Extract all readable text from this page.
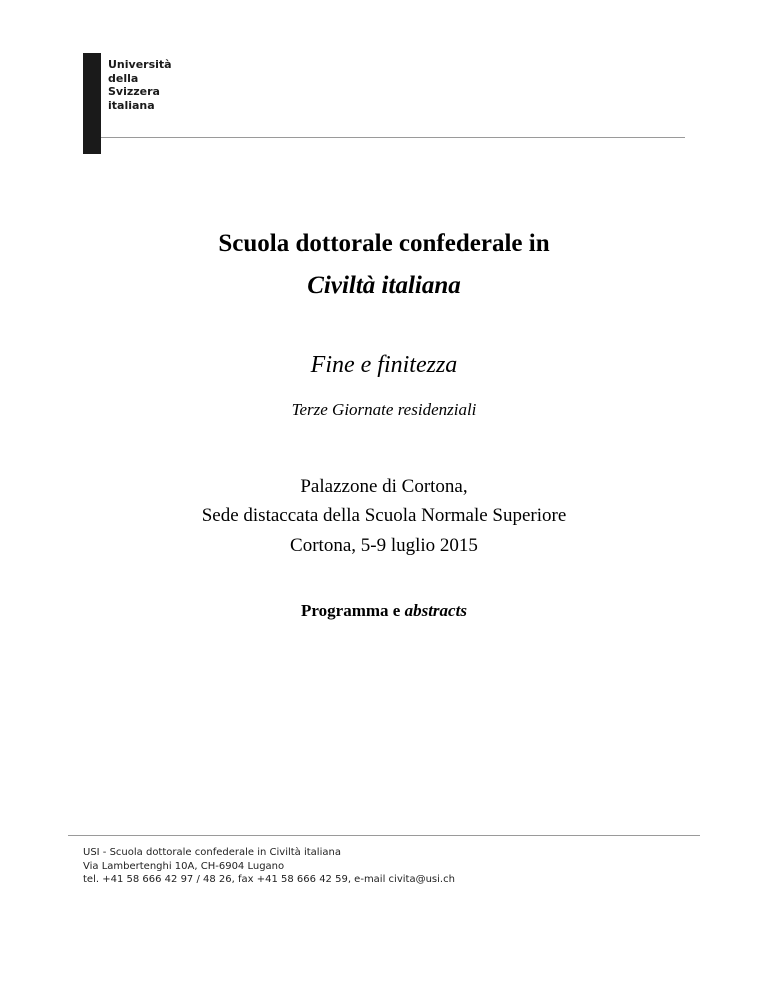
Università
della
Svizzera
italiana
Scuola dottorale confederale in
Civiltà italiana
Fine e finitezza
Terze Giornate residenziali
Palazzone di Cortona,
Sede distaccata della Scuola Normale Superiore
Cortona, 5-9 luglio 2015
Programma e abstracts
USI - Scuola dottorale confederale in Civiltà italiana
Via Lambertenghi 10A, CH-6904 Lugano
tel. +41 58 666 42 97 / 48 26, fax +41 58 666 42 59, e-mail civita@usi.ch
